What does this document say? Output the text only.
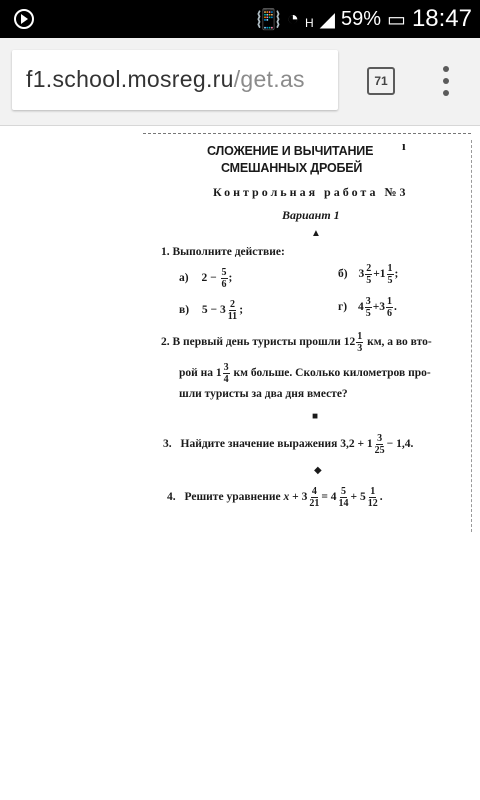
📳 ◔ H ◢ 59% ▭ 18:47
f1.school.mosreg.ru/get.as	71
ı
СЛОЖЕНИЕ И ВЫЧИТАНИЕ
СМЕШАННЫХ ДРОБЕЙ
Контрольная работа №3
Вариант 1
▲
1. Выполните действие:
а) $2 - \frac{5}{6}$ ;	б) $3 \frac{2}{5} +1 \frac{1}{5}$ ;
в) $5 - 3 \frac{2}{11}$ ;	г) $4 \frac{3}{5} +3 \frac{1}{6}$ .
2. В первый день туристы прошли $12 \frac{1}{3}$ км, а во вто-
рой на $1 \frac{3}{4}$ км больше. Сколько километров про-
шли туристы за два дня вместе?
■
3. Найдите значение выражения $3,2 + 1 \frac{3}{25} - 1,4$.
◆
4. Решите уравнение $x + 3 \frac{4}{21} = 4 \frac{5}{14} + 5 \frac{1}{12}$ .
